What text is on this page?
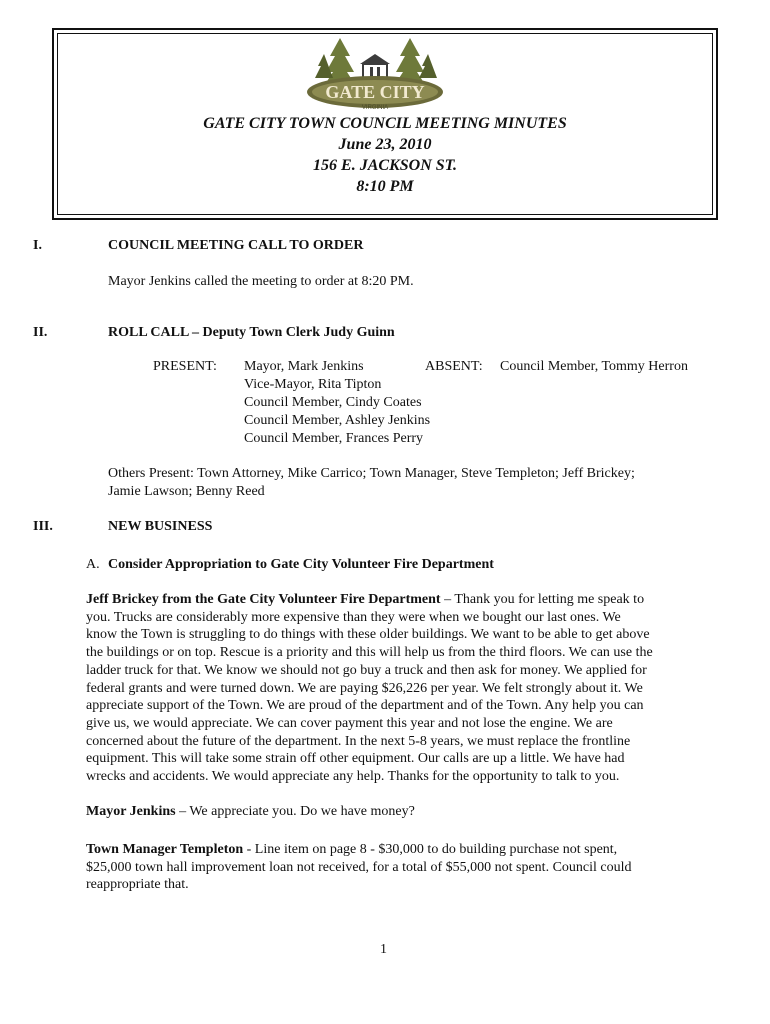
GATE CITY
VIRGINIA
GATE CITY TOWN COUNCIL MEETING MINUTES
June 23, 2010
156 E. JACKSON ST.
8:10 PM
I.	COUNCIL MEETING CALL TO ORDER
Mayor Jenkins called the meeting to order at 8:20 PM.
II.	ROLL CALL – Deputy Town Clerk Judy Guinn
PRESENT: Mayor, Mark Jenkins
Vice-Mayor, Rita Tipton
Council Member, Cindy Coates
Council Member, Ashley Jenkins
Council Member, Frances Perry
ABSENT: Council Member, Tommy Herron
Others Present: Town Attorney, Mike Carrico; Town Manager, Steve Templeton; Jeff Brickey;
Jamie Lawson; Benny Reed
III.	NEW BUSINESS
A. Consider Appropriation to Gate City Volunteer Fire Department

Jeff Brickey from the Gate City Volunteer Fire Department – Thank you for letting me speak to

you. Trucks are considerably more expensive than they were when we bought our last ones. We

know the Town is struggling to do things with these older buildings. We want to be able to get above

the buildings or on top. Rescue is a priority and this will help us from the third floors. We can use the

ladder truck for that. We know we should not go buy a truck and then ask for money. We applied for

federal grants and were turned down. We are paying $26,226 per year. We felt strongly about it. We

appreciate support of the Town. We are proud of the department and of the Town. Any help you can

give us, we would appreciate. We can cover payment this year and not lose the engine. We are

concerned about the future of the department. In the next 5-8 years, we must replace the frontline

equipment. This will take some strain off other equipment. Our calls are up a little. We have had

wrecks and accidents. We would appreciate any help. Thanks for the opportunity to talk to you.

Mayor Jenkins – We appreciate you. Do we have money?

Town Manager Templeton - Line item on page 8 - $30,000 to do building purchase not spent,

$25,000 town hall improvement loan not received, for a total of $55,000 not spent. Council could

reappropriate that.

1
